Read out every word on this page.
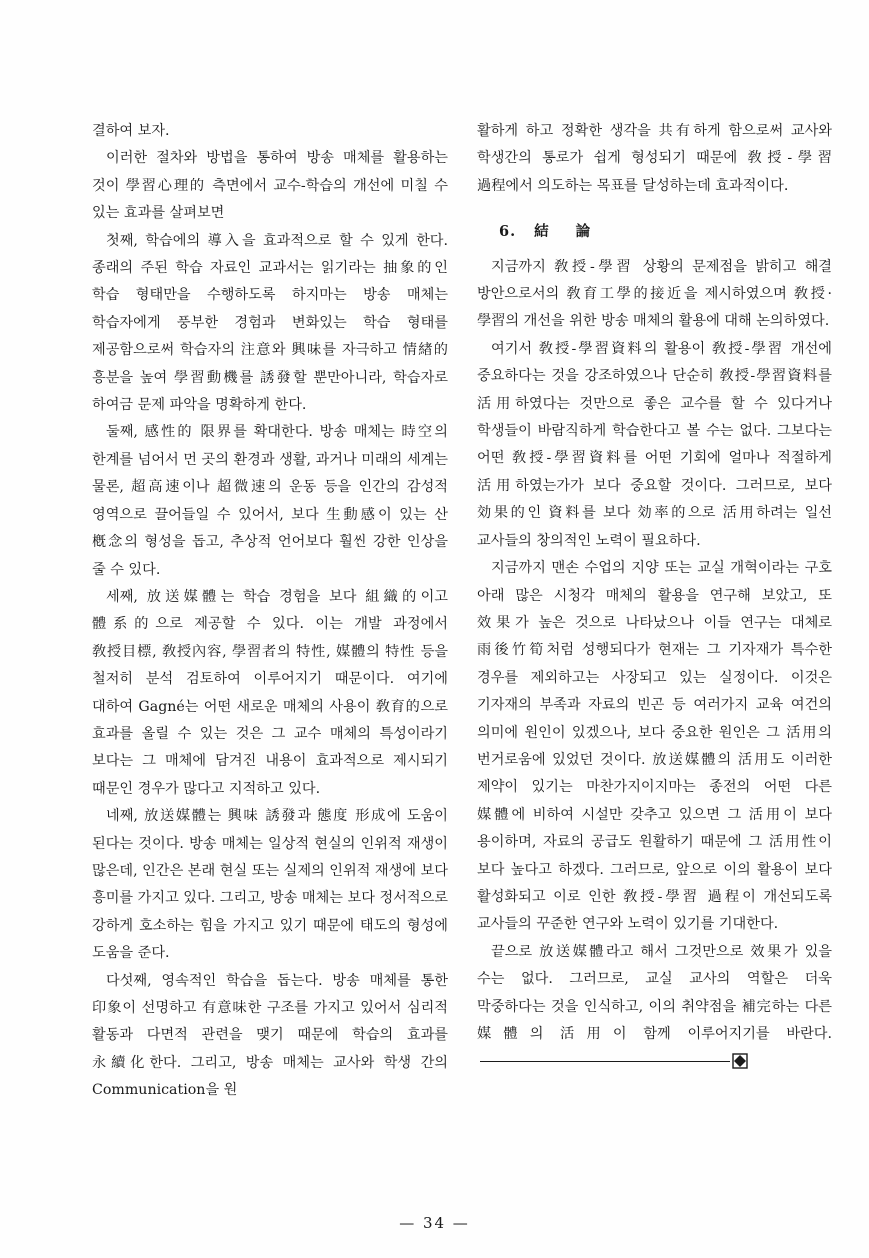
결하여 보자.

이러한 절차와 방법을 통하여 방송 매체를 활용하는 것이 學習心理的 측면에서 교수-학습의 개선에 미칠 수 있는 효과를 살펴보면

첫째, 학습에의 導入을 효과적으로 할 수 있게 한다. 종래의 주된 학습 자료인 교과서는 읽기라는 抽象的인 학습 형태만을 수행하도록 하지마는 방송 매체는 학습자에게 풍부한 경험과 변화있는 학습 형태를 제공함으로써 학습자의 注意와 興味를 자극하고 情緖的 흥분을 높여 學習動機를 誘發할 뿐만아니라, 학습자로 하여금 문제 파악을 명확하게 한다.

둘째, 感性的 限界를 확대한다. 방송 매체는 時空의 한계를 넘어서 먼 곳의 환경과 생활, 과거나 미래의 세계는 물론, 超高速이나 超微速의 운동 등을 인간의 감성적 영역으로 끌어들일 수 있어서, 보다 生動感이 있는 산 槪念의 형성을 돕고, 추상적 언어보다 훨씬 강한 인상을 줄 수 있다.

세째, 放送媒體는 학습 경험을 보다 組織的이고 體系的으로 제공할 수 있다. 이는 개발 과정에서 敎授目標, 敎授內容, 學習者의 特性, 媒體의 特性 등을 철저히 분석 검토하여 이루어지기 때문이다. 여기에 대하여 Gagné는 어떤 새로운 매체의 사용이 敎育的으로 효과를 올릴 수 있는 것은 그 교수 매체의 특성이라기 보다는 그 매체에 담겨진 내용이 효과적으로 제시되기 때문인 경우가 많다고 지적하고 있다.

네째, 放送媒體는 興味 誘發과 態度 形成에 도움이 된다는 것이다. 방송 매체는 일상적 현실의 인위적 재생이 많은데, 인간은 본래 현실 또는 실제의 인위적 재생에 보다 흥미를 가지고 있다. 그리고, 방송 매체는 보다 정서적으로 강하게 호소하는 힘을 가지고 있기 때문에 태도의 형성에 도움을 준다.

다섯째, 영속적인 학습을 돕는다. 방송 매체를 통한 印象이 선명하고 有意味한 구조를 가지고 있어서 심리적 활동과 다면적 관련을 맺기 때문에 학습의 효과를 永續化한다. 그리고, 방송 매체는 교사와 학생 간의 Communication을 원

활하게 하고 정확한 생각을 共有하게 함으로써 교사와 학생간의 통로가 쉽게 형성되기 때문에 敎授-學習 過程에서 의도하는 목표를 달성하는데 효과적이다.

6. 結 論

지금까지 敎授-學習 상황의 문제점을 밝히고 해결 방안으로서의 敎育工學的接近을 제시하였으며 敎授·學習의 개선을 위한 방송 매체의 활용에 대해 논의하였다.

여기서 敎授-學習資料의 활용이 敎授-學習 개선에 중요하다는 것을 강조하였으나 단순히 敎授-學習資料를 活用하였다는 것만으로 좋은 교수를 할 수 있다거나 학생들이 바람직하게 학습한다고 볼 수는 없다. 그보다는 어떤 敎授-學習資料를 어떤 기회에 얼마나 적절하게 活用하였는가가 보다 중요할 것이다. 그러므로, 보다 効果的인 資料를 보다 効率的으로 活用하려는 일선 교사들의 창의적인 노력이 필요하다.

지금까지 맨손 수업의 지양 또는 교실 개혁이라는 구호 아래 많은 시청각 매체의 활용을 연구해 보았고, 또 效果가 높은 것으로 나타났으나 이들 연구는 대체로 雨後竹筍처럼 성행되다가 현재는 그 기자재가 특수한 경우를 제외하고는 사장되고 있는 실정이다. 이것은 기자재의 부족과 자료의 빈곤 등 여러가지 교육 여건의 의미에 원인이 있겠으나, 보다 중요한 원인은 그 活用의 번거로움에 있었던 것이다. 放送媒體의 活用도 이러한 제약이 있기는 마찬가지이지마는 종전의 어떤 다른 媒體에 비하여 시설만 갖추고 있으면 그 活用이 보다 용이하며, 자료의 공급도 원활하기 때문에 그 活用性이 보다 높다고 하겠다. 그러므로, 앞으로 이의 활용이 보다 활성화되고 이로 인한 敎授-學習 過程이 개선되도록 교사들의 꾸준한 연구와 노력이 있기를 기대한다.

끝으로 放送媒體라고 해서 그것만으로 效果가 있을 수는 없다. 그러므로, 교실 교사의 역할은 더욱 막중하다는 것을 인식하고, 이의 취약점을 補完하는 다른 媒體의 活用이 함께 이루어지기를 바란다.

— 34 —
